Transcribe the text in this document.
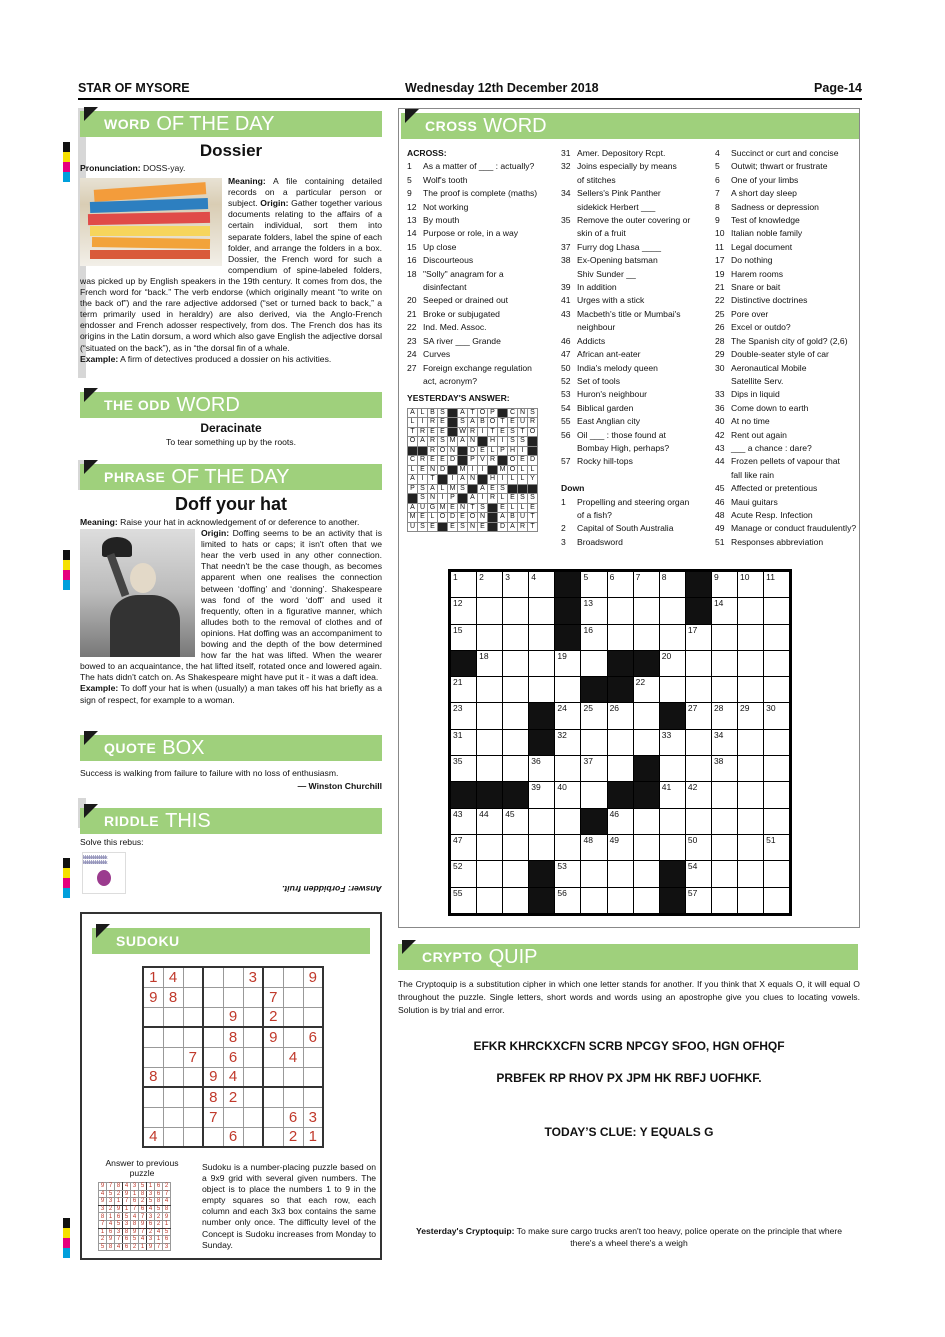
STAR OF MYSORE	Wednesday 12th December 2018	Page-14
WORD OF THE DAY
Dossier
Pronunciation: DOSS-yay.
Meaning: A file containing detailed records on a particular person or subject. Origin: Gather together various documents relating to the affairs of a certain individual, sort them into separate folders, label the spine of each folder, and arrange the folders in a box. Dossier, the French word for such a compendium of spine-labeled folders, was picked up by English speakers in the 19th century. It comes from dos, the French word for “back.” The verb endorse (which originally meant “to write on the back of”) and the rare adjective addorsed (“set or turned back to back,” a term primarily used in heraldry) are also derived, via the Anglo-French endosser and French adosser respectively, from dos. The French dos has its origins in the Latin dorsum, a word which also gave English the adjective dorsal (“situated on the back”), as in “the dorsal fin of a whale.
Example: A firm of detectives produced a dossier on his activities.
THE ODD WORD
Deracinate
To tear something up by the roots.
PHRASE OF THE DAY
Doff your hat
Meaning: Raise your hat in acknowledgement of or deference to another.
Origin: Doffing seems to be an activity that is limited to hats or caps; it isn't often that we hear the verb used in any other connection. That needn't be the case though, as becomes apparent when one realises the connection between ‘doffing’ and ‘donning’. Shakespeare was fond of the word ‘doff’ and used it frequently, often in a figurative manner, which alludes both to the removal of clothes and of opinions. Hat doffing was an accompaniment to bowing and the depth of the bow determined how far the hat was lifted. When the wearer bowed to an acquaintance, the hat lifted itself, rotated once and lowered again. The hats didn't catch on. As Shakespeare might have put it - it was a daft idea.
Example: To doff your hat is when (usually) a man takes off his hat briefly as a sign of respect, for example to a woman.
QUOTE BOX
Success is walking from failure to failure with no loss of enthusiasm.
— Winston Churchill
RIDDLE THIS
Solve this rebus:
kkkkkkkkkkkk
kkkkkkkkkkkk
Answer: Forbidden fruit.
SUDOKU
1	4				3			9
9	8					7		
				9		2		
				8		9		6
		7		6			4	
8			9	4				
			8	2				
			7				6	3
4				6			2	1
Answer to previous puzzle
9	7	8	4	3	5	1	6	2
4	5	2	9	1	8	3	6	7
9	3	1	7	6	2	5	8	4
3	2	9	1	7	6	4	5	8
8	1	6	5	4	7	3	2	9
7	4	5	3	8	9	6	2	1
1	6	3	8	9	7	2	4	5
2	9	7	6	5	4	3	1	6
5	8	4	6	2	1	9	7	3
Sudoku is a number-placing puzzle based on a 9x9 grid with several given numbers. The object is to place the numbers 1 to 9 in the empty squares so that each row, each column and each 3x3 box contains the same number only once. The difficulty level of the Concept is Sudoku increases from Monday to Sunday.
CROSS WORD
ACROSS:
1 As a matter of ___ : actually?
5 Wolf's tooth
9 The proof is complete (maths)
12 Not working
13 By mouth
14 Purpose or role, in a way
15 Up close
16 Discourteous
18 "Solly" anagram for a
disinfectant
20 Seeped or drained out
21 Broke or subjugated
22 Ind. Med. Assoc.
23 SA river ___ Grande
24 Curves
27 Foreign exchange regulation
act, acronym?
YESTERDAY'S ANSWER:
A	L	B	S		A	T	O	P		C	N	S
L	I	R	E		S	A	B	O	T	E	U	R
T	R	E	E		W	R	I	T	E	S	T	O
O	A	R	S	M	A	N		H	I	S	S	
		R	O	N		D	E	L	P	H	I	
C	R	E	E	D		P	V	R		O	E	D
L	E	N	D		M	I	I		M	O	L	L
A	I	T		I	A	N		H	I	L	L	Y
P	S	A	L	M	S		A	E	S			
	S	N	I	P		A	I	R	L	E	S	S
A	U	G	M	E	N	T	S		E	L	L	E
M	E	L	O	D	E	O	N		A	B	U	T
U	S	E		E	S	N	E		D	A	R	T
31 Amer. Depository Rcpt.
32 Joins especially by means
of stitches
34 Sellers's Pink Panther
sidekick Herbert ___
35 Remove the outer covering or
skin of a fruit
37 Furry dog Lhasa ____
38 Ex-Opening batsman
Shiv Sunder __
39 In addition
41 Urges with a stick
43 Macbeth's title or Mumbai's
neighbour
46 Addicts
47 African ant-eater
50 India's melody queen
52 Set of tools
53 Huron's neighbour
54 Biblical garden
55 East Anglian city
56 Oil ___ : those found at
Bombay High, perhaps?
57 Rocky hill-tops
Down
1 Propelling and steering organ
of a fish?
2 Capital of South Australia
3 Broadsword
4 Succinct or curt and concise
5 Outwit; thwart or frustrate
6 One of your limbs
7 A short day sleep
8 Sadness or depression
9 Test of knowledge
10 Italian noble family
11 Legal document
17 Do nothing
19 Harem rooms
21 Snare or bait
22 Distinctive doctrines
25 Pore over
26 Excel or outdo?
28 The Spanish city of gold? (2,6)
29 Double-seater style of car
30 Aeronautical Mobile
Satellite Serv.
33 Dips in liquid
36 Come down to earth
40 At no time
42 Rent out again
43 ___ a chance : dare?
44 Frozen pellets of vapour that
fall like rain
45 Affected or pretentious
46 Maui guitars
48 Acute Resp. Infection
49 Manage or conduct fraudulently?
51 Responses abbreviation
1	2	3	4		5	6	7	8		9	10	11
12					13					14		
15					16				17			
	18			19				20				
21							22					
23				24	25	26			27	28	29	30
31				32				33		34		
35			36		37					38		
			39	40				41	42			
43	44	45				46						
47					48	49			50			51
52				53					54			
55				56					57			
CRYPTO QUIP
The Cryptoquip is a substitution cipher in which one letter stands for another. If you think that X equals O, it will equal O throughout the puzzle. Single letters, short words and words using an apostrophe give you clues to locating vowels. Solution is by trial and error.
EFKR KHRCKXCFN SCRB NPCGY SFOO, HGN OFHQF
PRBFEK RP RHOV PX JPM HK RBFJ UOFHKF.
TODAY’S CLUE: Y EQUALS G
Yesterday's Cryptoquip: To make sure cargo trucks aren't too heavy, police operate on the principle that where there's a wheel there's a weigh
